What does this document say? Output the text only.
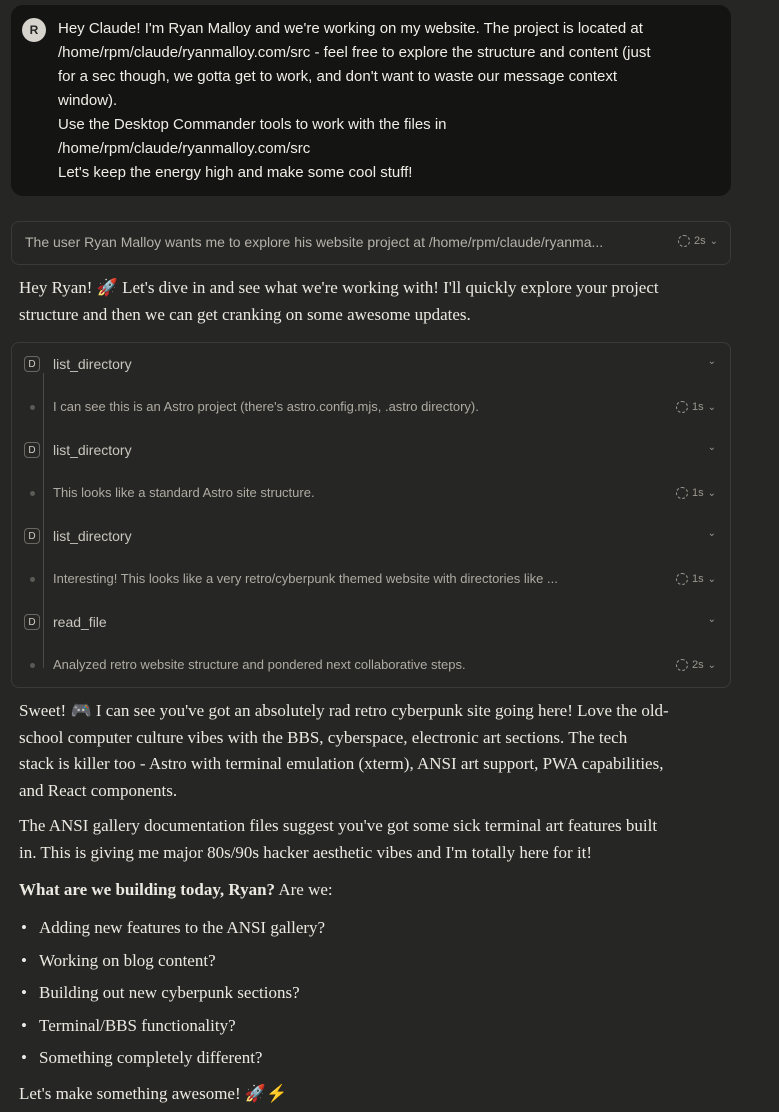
R	Hey Claude! I'm Ryan Malloy and we're working on my website. The project is located at
/home/rpm/claude/ryanmalloy.com/src - feel free to explore the structure and content (just
for a sec though, we gotta get to work, and don't want to waste our message context
window).
Use the Desktop Commander tools to work with the files in
/home/rpm/claude/ryanmalloy.com/src
Let's keep the energy high and make some cool stuff!
The user Ryan Malloy wants me to explore his website project at /home/rpm/claude/ryanma...	2s ⌄
Hey Ryan! 🚀 Let's dive in and see what we're working with! I'll quickly explore your project
structure and then we can get cranking on some awesome updates.
D	list_directory	⌄
I can see this is an Astro project (there's astro.config.mjs, .astro directory).	1s ⌄
D	list_directory	⌄
This looks like a standard Astro site structure.	1s ⌄
D	list_directory	⌄
Interesting! This looks like a very retro/cyberpunk themed website with directories like ...	1s ⌄
D	read_file	⌄
Analyzed retro website structure and pondered next collaborative steps.	2s ⌄
Sweet! 🎮 I can see you've got an absolutely rad retro cyberpunk site going here! Love the old-
school computer culture vibes with the BBS, cyberspace, electronic art sections. The tech
stack is killer too - Astro with terminal emulation (xterm), ANSI art support, PWA capabilities,
and React components.
The ANSI gallery documentation files suggest you've got some sick terminal art features built
in. This is giving me major 80s/90s hacker aesthetic vibes and I'm totally here for it!
What are we building today, Ryan? Are we:
• Adding new features to the ANSI gallery?
• Working on blog content?
• Building out new cyberpunk sections?
• Terminal/BBS functionality?
• Something completely different?
Let's make something awesome! 🚀⚡
